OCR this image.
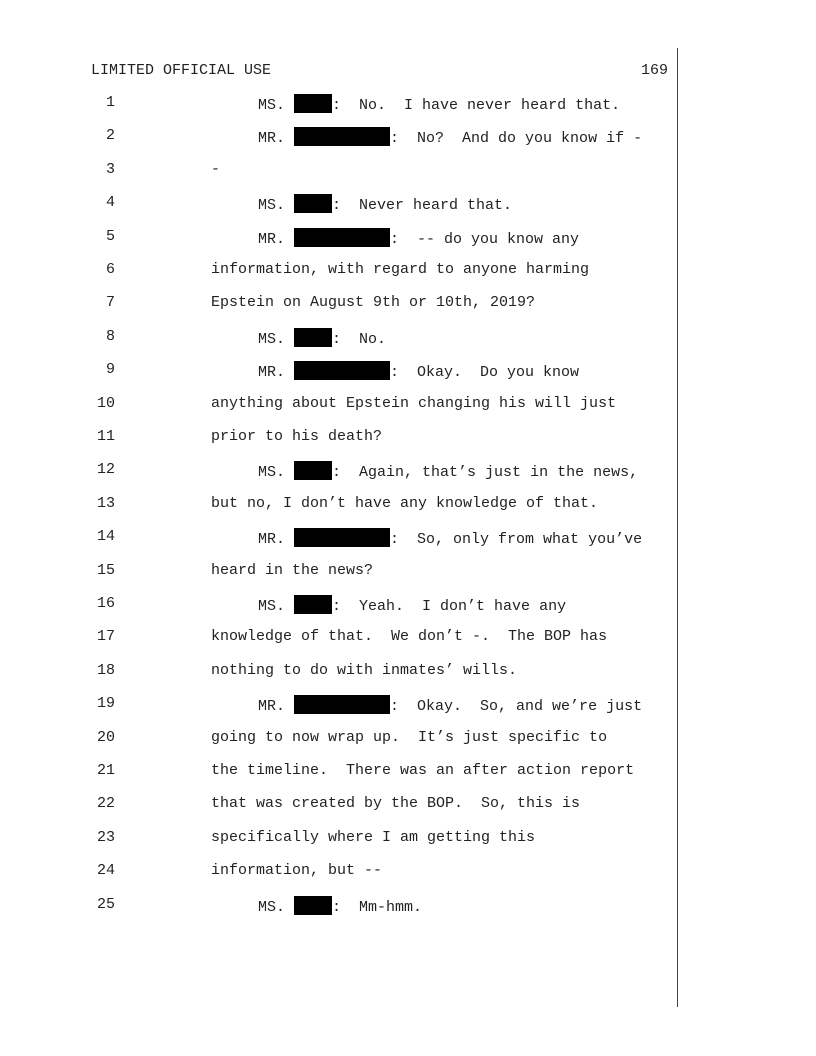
LIMITED OFFICIAL USE	169
1	MS.	:  No.  I have never heard that.
2	MR.	:  No?  And do you know if -
3	-
4	MS.	:  Never heard that.
5	MR.	:  -- do you know any
6	information, with regard to anyone harming
7	Epstein on August 9th or 10th, 2019?
8	MS.	:  No.
9	MR.	:  Okay.  Do you know
10	anything about Epstein changing his will just
11	prior to his death?
12	MS.	:  Again, that’s just in the news,
13	but no, I don’t have any knowledge of that.
14	MR.	:  So, only from what you’ve
15	heard in the news?
16	MS.	:  Yeah.  I don’t have any
17	knowledge of that.  We don’t -.  The BOP has
18	nothing to do with inmates’ wills.
19	MR.	:  Okay.  So, and we’re just
20	going to now wrap up.  It’s just specific to
21	the timeline.  There was an after action report
22	that was created by the BOP.  So, this is
23	specifically where I am getting this
24	information, but --
25	MS.	:  Mm-hmm.
